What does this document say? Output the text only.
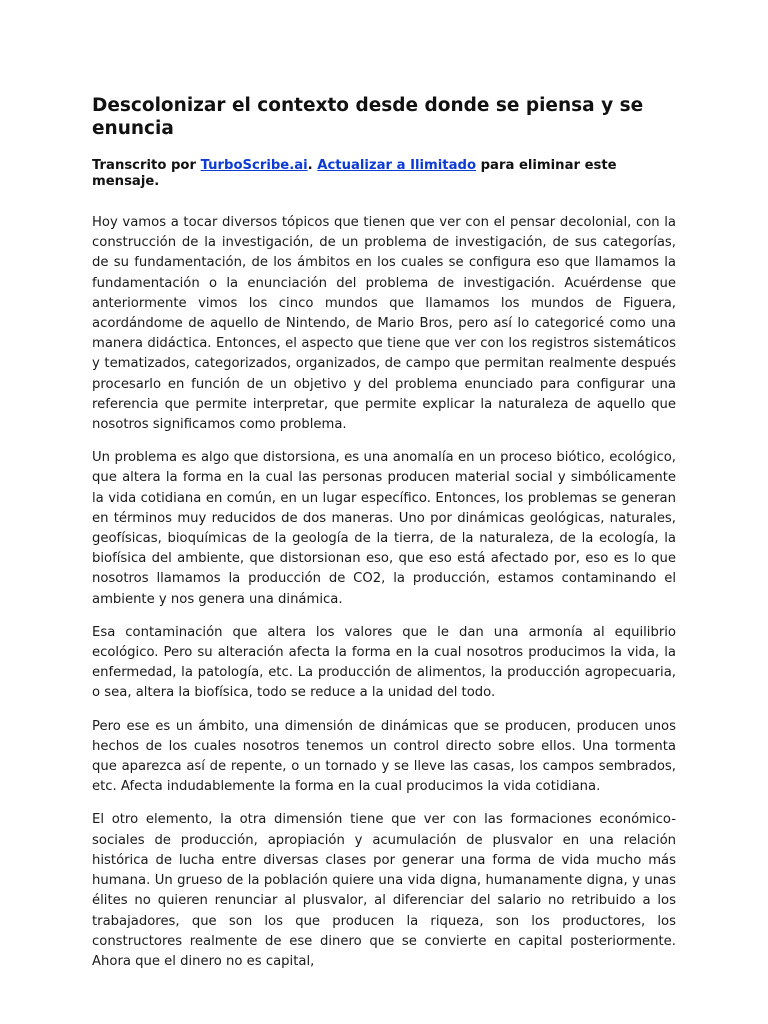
Descolonizar el contexto desde donde se piensa y se enuncia
Transcrito por TurboScribe.ai. Actualizar a Ilimitado para eliminar este mensaje.

Hoy vamos a tocar diversos tópicos que tienen que ver con el pensar decolonial, con la construcción de la investigación, de un problema de investigación, de sus categorías, de su fundamentación, de los ámbitos en los cuales se configura eso que llamamos la fundamentación o la enunciación del problema de investigación. Acuérdense que anteriormente vimos los cinco mundos que llamamos los mundos de Figuera, acordándome de aquello de Nintendo, de Mario Bros, pero así lo categoricé como una manera didáctica. Entonces, el aspecto que tiene que ver con los registros sistemáticos y tematizados, categorizados, organizados, de campo que permitan realmente después procesarlo en función de un objetivo y del problema enunciado para configurar una referencia que permite interpretar, que permite explicar la naturaleza de aquello que nosotros significamos como problema.

Un problema es algo que distorsiona, es una anomalía en un proceso biótico, ecológico, que altera la forma en la cual las personas producen material social y simbólicamente la vida cotidiana en común, en un lugar específico. Entonces, los problemas se generan en términos muy reducidos de dos maneras. Uno por dinámicas geológicas, naturales, geofísicas, bioquímicas de la geología de la tierra, de la naturaleza, de la ecología, la biofísica del ambiente, que distorsionan eso, que eso está afectado por, eso es lo que nosotros llamamos la producción de CO2, la producción, estamos contaminando el ambiente y nos genera una dinámica.

Esa contaminación que altera los valores que le dan una armonía al equilibrio ecológico. Pero su alteración afecta la forma en la cual nosotros producimos la vida, la enfermedad, la patología, etc. La producción de alimentos, la producción agropecuaria, o sea, altera la biofísica, todo se reduce a la unidad del todo.

Pero ese es un ámbito, una dimensión de dinámicas que se producen, producen unos hechos de los cuales nosotros tenemos un control directo sobre ellos. Una tormenta que aparezca así de repente, o un tornado y se lleve las casas, los campos sembrados, etc. Afecta indudablemente la forma en la cual producimos la vida cotidiana.

El otro elemento, la otra dimensión tiene que ver con las formaciones económico-sociales de producción, apropiación y acumulación de plusvalor en una relación histórica de lucha entre diversas clases por generar una forma de vida mucho más humana. Un grueso de la población quiere una vida digna, humanamente digna, y unas élites no quieren renunciar al plusvalor, al diferenciar del salario no retribuido a los trabajadores, que son los que producen la riqueza, son los productores, los constructores realmente de ese dinero que se convierte en capital posteriormente. Ahora que el dinero no es capital,
